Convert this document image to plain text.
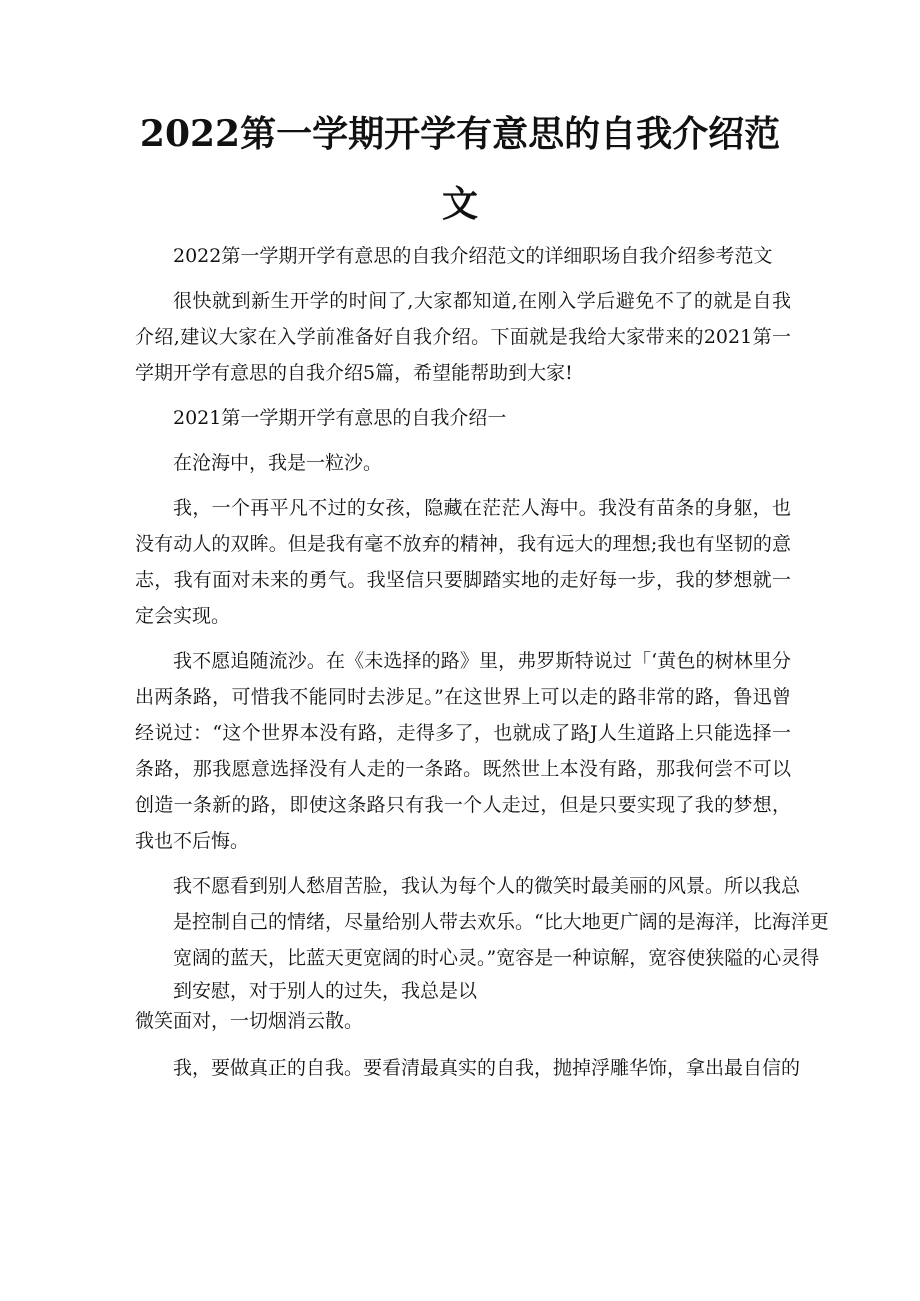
2022第一学期开学有意思的自我介绍范
文

2022第一学期开学有意思的自我介绍范文的详细职场自我介绍参考范文

很快就到新生开学的时间了,大家都知道,在刚入学后避免不了的就是自我介绍,建议大家在入学前准备好自我介绍。下面就是我给大家带来的2021第一学期开学有意思的自我介绍5篇，希望能帮助到大家!

2021第一学期开学有意思的自我介绍一

在沧海中，我是一粒沙。

我，一个再平凡不过的女孩，隐藏在茫茫人海中。我没有苗条的身躯，也没有动人的双眸。但是我有毫不放弃的精神，我有远大的理想;我也有坚韧的意志，我有面对未来的勇气。我坚信只要脚踏实地的走好每一步，我的梦想就一定会实现。

我不愿追随流沙。在《未选择的路》里，弗罗斯特说过「‘黄色的树林里分出两条路，可惜我不能同时去涉足。”在这世界上可以走的路非常的路，鲁迅曾经说过：“这个世界本没有路，走得多了，也就成了路J人生道路上只能选择一条路，那我愿意选择没有人走的一条路。既然世上本没有路，那我何尝不可以创造一条新的路，即使这条路只有我一个人走过，但是只要实现了我的梦想，我也不后悔。

我不愿看到别人愁眉苦脸，我认为每个人的微笑时最美丽的风景。所以我总
是控制自己的情绪，尽量给别人带去欢乐。“比大地更广阔的是海洋，比海洋更
宽阔的蓝天，比蓝天更宽阔的时心灵。”宽容是一种谅解，宽容使狭隘的心灵得
到安慰，对于别人的过失，我总是以

微笑面对，一切烟消云散。

我，要做真正的自我。要看清最真实的自我，抛掉浮雕华饰，拿出最自信的
